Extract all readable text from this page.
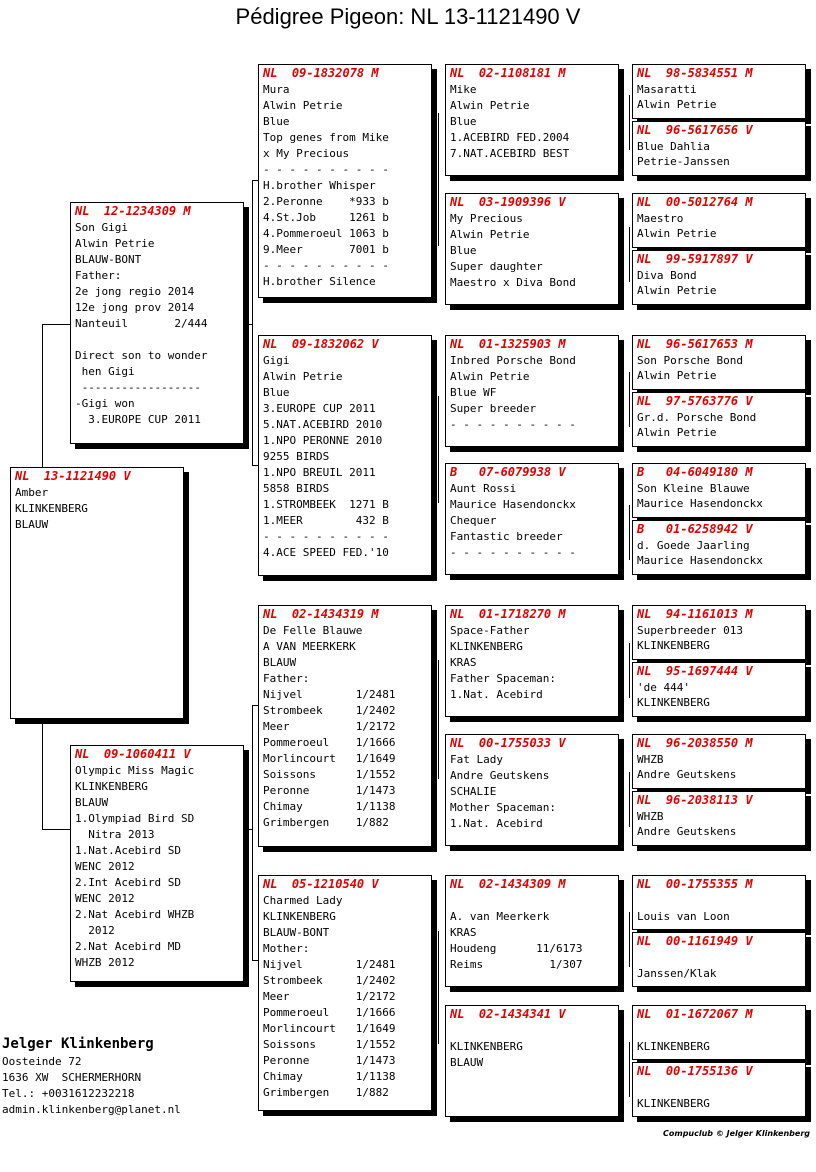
Pédigree Pigeon: NL 13-1121490 V
NL  13-1121490 V
Amber
KLINKENBERG
BLAUW
NL  12-1234309 M
Son Gigi
Alwin Petrie
BLAUW-BONT
Father:
2e jong regio 2014
12e jong prov 2014
Nanteuil       2/444
Direct son to wonder
hen Gigi
------------------
-Gigi won
3.EUROPE CUP 2011
NL  09-1060411 V
Olympic Miss Magic
KLINKENBERG
BLAUW
1.Olympiad Bird SD
Nitra 2013
1.Nat.Acebird SD
WENC 2012
2.Int Acebird SD
WENC 2012
2.Nat Acebird WHZB
2012
2.Nat Acebird MD
WHZB 2012
NL  09-1832078 M
Mura
Alwin Petrie
Blue
Top genes from Mike
x My Precious
- - - - - - - - - -
H.brother Whisper
2.Peronne    *933 b
4.St.Job     1261 b
4.Pommeroeul 1063 b
9.Meer       7001 b
- - - - - - - - - -
H.brother Silence
NL  09-1832062 V
Gigi
Alwin Petrie
Blue
3.EUROPE CUP 2011
5.NAT.ACEBIRD 2010
1.NPO PERONNE 2010
9255 BIRDS
1.NPO BREUIL 2011
5858 BIRDS
1.STROMBEEK  1271 B
1.MEER        432 B
- - - - - - - - - -
4.ACE SPEED FED.'10
NL  02-1434319 M
De Felle Blauwe
A VAN MEERKERK
BLAUW
Father:
Nijvel        1/2481
Strombeek     1/2402
Meer          1/2172
Pommeroeul    1/1666
Morlincourt   1/1649
Soissons      1/1552
Peronne       1/1473
Chimay        1/1138
Grimbergen    1/882
NL  05-1210540 V
Charmed Lady
KLINKENBERG
BLAUW-BONT
Mother:
Nijvel        1/2481
Strombeek     1/2402
Meer          1/2172
Pommeroeul    1/1666
Morlincourt   1/1649
Soissons      1/1552
Peronne       1/1473
Chimay        1/1138
Grimbergen    1/882
NL  02-1108181 M
Mike
Alwin Petrie
Blue
1.ACEBIRD FED.2004
7.NAT.ACEBIRD BEST
NL  03-1909396 V
My Precious
Alwin Petrie
Blue
Super daughter
Maestro x Diva Bond
NL  01-1325903 M
Inbred Porsche Bond
Alwin Petrie
Blue WF
Super breeder
- - - - - - - - - -
B   07-6079938 V
Aunt Rossi
Maurice Hasendonckx
Chequer
Fantastic breeder
- - - - - - - - - -
NL  01-1718270 M
Space-Father
KLINKENBERG
KRAS
Father Spaceman:
1.Nat. Acebird
NL  00-1755033 V
Fat Lady
Andre Geutskens
SCHALIE
Mother Spaceman:
1.Nat. Acebird
NL  02-1434309 M
A. van Meerkerk
KRAS
Houdeng      11/6173
Reims          1/307
NL  02-1434341 V
KLINKENBERG
BLAUW
NL  98-5834551 M
Masaratti
Alwin Petrie
NL  96-5617656 V
Blue Dahlia
Petrie-Janssen
NL  00-5012764 M
Maestro
Alwin Petrie
NL  99-5917897 V
Diva Bond
Alwin Petrie
NL  96-5617653 M
Son Porsche Bond
Alwin Petrie
NL  97-5763776 V
Gr.d. Porsche Bond
Alwin Petrie
B   04-6049180 M
Son Kleine Blauwe
Maurice Hasendonckx
B   01-6258942 V
d. Goede Jaarling
Maurice Hasendonckx
NL  94-1161013 M
Superbreeder 013
KLINKENBERG
NL  95-1697444 V
'de 444'
KLINKENBERG
NL  96-2038550 M
WHZB
Andre Geutskens
NL  96-2038113 V
WHZB
Andre Geutskens
NL  00-1755355 M
Louis van Loon
NL  00-1161949 V
Janssen/Klak
NL  01-1672067 M
KLINKENBERG
NL  00-1755136 V
KLINKENBERG
Jelger Klinkenberg
Oosteinde 72
1636 XW  SCHERMERHORN
Tel.: +0031612232218
admin.klinkenberg@planet.nl
Compuclub © Jelger Klinkenberg
